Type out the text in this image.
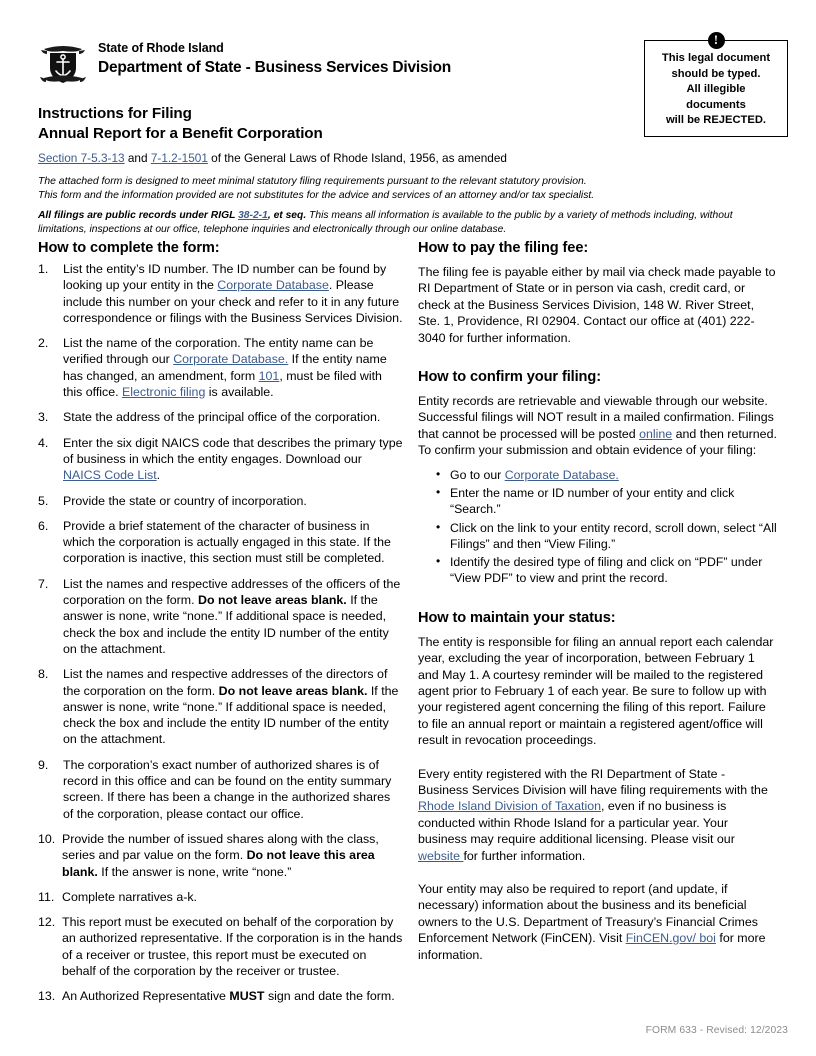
State of Rhode Island
Department of State - Business Services Division
!
This legal document
should be typed.
All illegible
documents
will be REJECTED.
Instructions for Filing
Annual Report for a Benefit Corporation
Section 7-5.3-13 and 7-1.2-1501 of the General Laws of Rhode Island, 1956, as amended
The attached form is designed to meet minimal statutory filing requirements pursuant to the relevant statutory provision.
This form and the information provided are not substitutes for the advice and services of an attorney and/or tax specialist.
All filings are public records under RIGL 38-2-1, et seq. This means all information is available to the public by a variety of methods including, without limitations, inspections at our office, telephone inquiries and electronically through our online database.
How to complete the form:
1.	List the entity’s ID number. The ID number can be found by looking up your entity in the Corporate Database. Please include this number on your check and refer to it in any future correspondence or filings with the Business Services Division.
2.	List the name of the corporation. The entity name can be verified through our Corporate Database. If the entity name has changed, an amendment, form 101, must be filed with this office. Electronic filing is available.
3.	State the address of the principal office of the corporation.
4.	Enter the six digit NAICS code that describes the primary type of business in which the entity engages. Download our NAICS Code List.
5.	Provide the state or country of incorporation.
6.	Provide a brief statement of the character of business in which the corporation is actually engaged in this state. If the corporation is inactive, this section must still be completed.
7.	List the names and respective addresses of the officers of the corporation on the form. Do not leave areas blank. If the answer is none, write “none.” If additional space is needed, check the box and include the entity ID number of the entity on the attachment.
8.	List the names and respective addresses of the directors of the corporation on the form. Do not leave areas blank. If the answer is none, write “none.” If additional space is needed, check the box and include the entity ID number of the entity on the attachment.
9.	The corporation’s exact number of authorized shares is of record in this office and can be found on the entity summary screen. If there has been a change in the authorized shares of the corporation, please contact our office.
10. Provide the number of issued shares along with the class, series and par value on the form. Do not leave this area blank. If the answer is none, write “none.”
11. Complete narratives a-k.
12. This report must be executed on behalf of the corporation by an authorized representative. If the corporation is in the hands of a receiver or trustee, this report must be executed on behalf of the corporation by the receiver or trustee.
13. An Authorized Representative MUST sign and date the form.
How to pay the filing fee:

The filing fee is payable either by mail via check made payable to RI Department of State or in person via cash, credit card, or check at the Business Services Division, 148 W. River Street, Ste. 1, Providence, RI 02904. Contact our office at (401) 222-3040 for further information.

How to confirm your filing:

Entity records are retrievable and viewable through our website. Successful filings will NOT result in a mailed confirmation. Filings that cannot be processed will be posted online and then returned. To confirm your submission and obtain evidence of your filing:

• Go to our Corporate Database.
• Enter the name or ID number of your entity and click “Search.”
• Click on the link to your entity record, scroll down, select “All Filings” and then “View Filing.”
• Identify the desired type of filing and click on “PDF” under “View PDF” to view and print the record.
How to maintain your status:

The entity is responsible for filing an annual report each calendar year, excluding the year of incorporation, between February 1 and May 1. A courtesy reminder will be mailed to the registered agent prior to February 1 of each year. Be sure to follow up with your registered agent concerning the filing of this report. Failure to file an annual report or maintain a registered agent/office will result in revocation proceedings.

Every entity registered with the RI Department of State - Business Services Division will have filing requirements with the Rhode Island Division of Taxation, even if no business is conducted within Rhode Island for a particular year. Your business may require additional licensing. Please visit our website for further information.

Your entity may also be required to report (and update, if necessary) information about the business and its beneficial owners to the U.S. Department of Treasury’s Financial Crimes Enforcement Network (FinCEN). Visit FinCEN.gov/ boi for more information.

FORM 633 - Revised: 12/2023
